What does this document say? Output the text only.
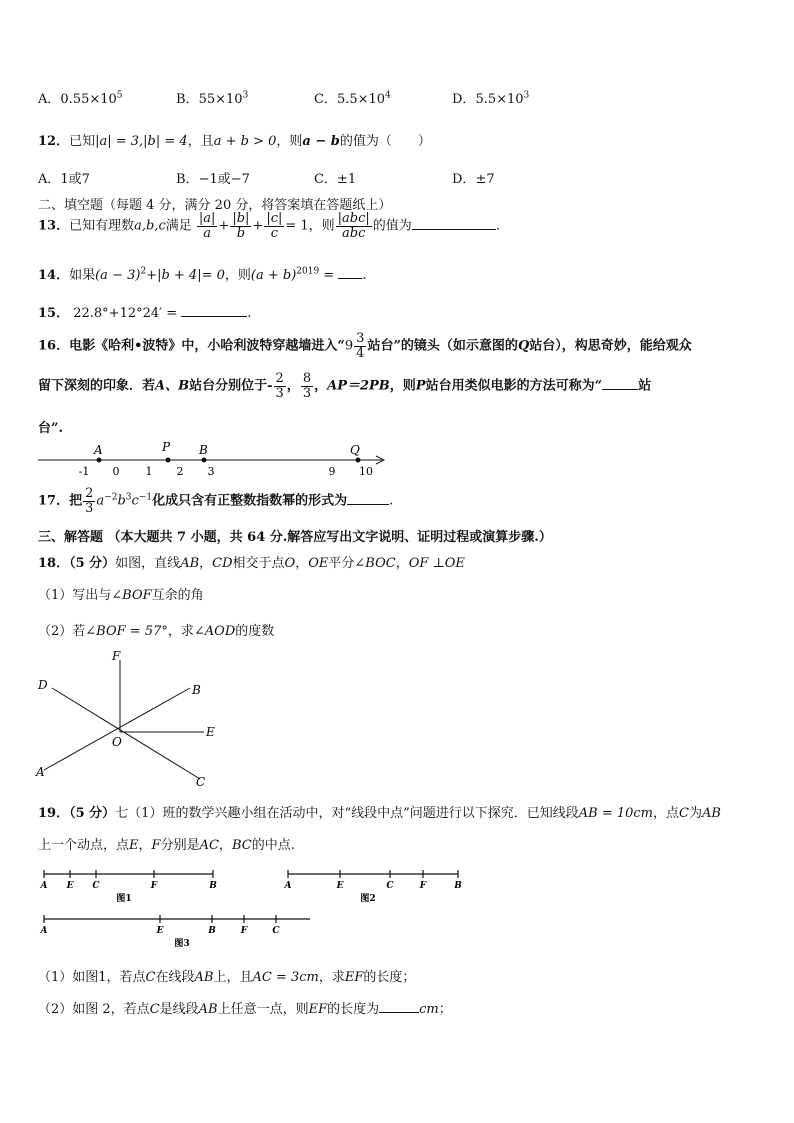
A．$0.55\times 10^5$	B．$55\times 10^3$	C．$5.5\times 10^4$	D．$5.5\times 10^3$
12．已知|a| = 3,|b| = 4，且a + b > 0，则a − b的值为（　　）
A．1或7	B．−1或−7	C．±1	D．±7
二、填空题（每题 4 分，满分 20 分，将答案填在答题纸上）
13．已知有理数a,b,c满足 $\frac{|a|}{a} + \frac{|b|}{b} + \frac{|c|}{c} = 1$，则 $\frac{\text{|abc|}}{\text{abc}}$ 的值为	.
14．如果$(a - 3)^2+|b + 4|= 0$，则$(a + b)^{2019}$ = .
15． 22.8°+12°24′ =	.
16．电影《哈利•波特》中，小哈利波特穿越墙进入“$9 \frac{3}{4}$ 站台”的镜头（如示意图的Q站台），构思奇妙，能给观众
留下深刻的印象．若A、B站台分别位于- $\frac{2}{3}$ ， $\frac{8}{3}$ ，AP＝2PB，则P站台用类似电影的方法可称为“	站
台”.
A	P B	Q
-1 0 1 2 3	9 10
17．把 $\frac{2}{3} a^{-2}b^3c^{-1}$化成只含有正整数指数幂的形式为	.
三、解答题 （本大题共 7 小题，共 64 分.解答应写出文字说明、证明过程或演算步骤.）
18．（5 分）如图，直线AB，CD相交于点O，OE平分∠BOC，OF ⊥OE
（1）写出与∠BOF互余的角
（2）若∠BOF = 57°，求∠AOD的度数
F
D	B
E
O
A
C
19．（5 分）七（1）班的数学兴趣小组在活动中，对“线段中点”问题进行以下探究．已知线段AB = 10cm，点C为AB
上一个动点，点E，F分别是AC，BC的中点.
A E C	F	B	A	E	C	F	B
A	E	B	F	C
图1	图2
图3
（1）如图1，若点C在线段AB上，且AC = 3cm，求EF的长度；
（2）如图 2，若点C是线段AB上任意一点，则EF的长度为	cm；
